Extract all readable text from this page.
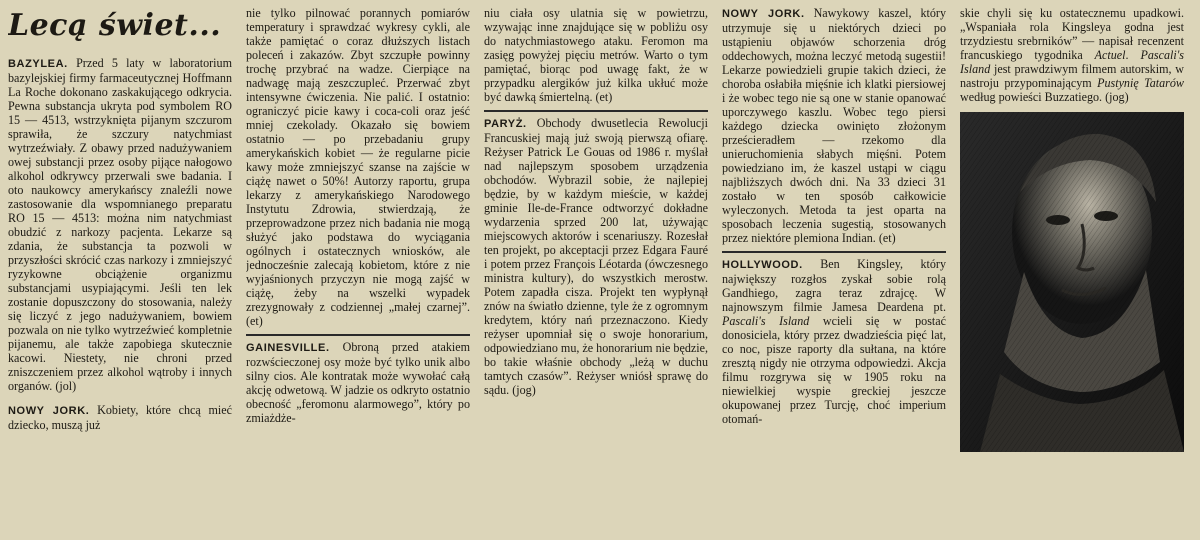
Lecą świet...

BAZYLEA. Przed 5 laty w laboratorium bazylejskiej firmy farmaceutycznej Hoffmann La Roche dokonano zaskakującego odkrycia. Pewna substancja ukryta pod symbolem RO 15 — 4513, wstrzyknięta pijanym szczurom sprawiła, że szczury natychmiast wytrzeźwiały. Z obawy przed nadużywaniem owej substancji przez osoby pijące nałogowo alkohol odkrywcy przerwali swe badania. I oto naukowcy amerykańscy znaleźli nowe zastosowanie dla wspomnianego preparatu RO 15 — 4513: można nim natychmiast obudzić z narkozy pacjenta. Lekarze są zdania, że substancja ta pozwoli w przyszłości skrócić czas narkozy i zmniejszyć ryzykowne obciążenie organizmu substancjami usypiającymi. Jeśli ten lek zostanie dopuszczony do stosowania, należy się liczyć z jego nadużywaniem, bowiem pozwala on nie tylko wytrzeźwieć kompletnie pijanemu, ale także zapobiega skutecznie kacowi. Niestety, nie chroni przed zniszczeniem przez alkohol wątroby i innych organów. (jol)

NOWY JORK. Kobiety, które chcą mieć dziecko, muszą już

nie tylko pilnować porannych pomiarów temperatury i sprawdzać wykresy cykli, ale także pamiętać o coraz dłuższych listach poleceń i zakazów. Zbyt szczupłe powinny trochę przybrać na wadze. Cierpiące na nadwagę mają zeszczupleć. Przerwać zbyt intensywne ćwiczenia. Nie palić. I ostatnio: ograniczyć picie kawy i coca-coli oraz jeść mniej czekolady. Okazało się bowiem ostatnio — po przebadaniu grupy amerykańskich kobiet — że regularne picie kawy może zmniejszyć szanse na zajście w ciążę nawet o 50%! Autorzy raportu, grupa lekarzy z amerykańskiego Narodowego Instytutu Zdrowia, stwierdzają, że przeprowadzone przez nich badania nie mogą służyć jako podstawa do wyciągania ogólnych i ostatecznych wniosków, ale jednocześnie zalecają kobietom, które z nie wyjaśnionych przyczyn nie mogą zajść w ciążę, żeby na wszelki wypadek zrezygnowały z codziennej „małej czarnej”. (et)

GAINESVILLE. Obroną przed atakiem rozwścieczonej osy może być tylko unik albo silny cios. Ale kontratak może wywołać całą akcję odwetową. W jadzie os odkryto ostatnio obecność „feromonu alarmowego”, który po zmiażdże-

niu ciała osy ulatnia się w powietrzu, wzywając inne znajdujące się w pobliżu osy do natychmiastowego ataku. Feromon ma zasięg powyżej pięciu metrów. Warto o tym pamiętać, biorąc pod uwagę fakt, że w przypadku alergików już kilka ukłuć może być dawką śmiertelną. (et)

PARYŻ. Obchody dwusetlecia Rewolucji Francuskiej mają już swoją pierwszą ofiarę. Reżyser Patrick Le Gouas od 1986 r. myślał nad najlepszym sposobem urządzenia obchodów. Wybrazil sobie, że najlepiej będzie, by w każdym mieście, w każdej gminie Ile-de-France odtworzyć dokładne wydarzenia sprzed 200 lat, używając miejscowych aktorów i scenariuszy. Rozesłał ten projekt, po akceptacji przez Edgara Fauré i potem przez François Léotarda (ówczesnego ministra kultury), do wszystkich merostw. Potem zapadła cisza. Projekt ten wypłynął znów na światło dzienne, tyle że z ogromnym kredytem, który nań przeznaczono. Kiedy reżyser upomniał się o swoje honorarium, odpowiedziano mu, że honorarium nie będzie, bo takie właśnie obchody „leżą w duchu tamtych czasów”. Reżyser wniósł sprawę do sądu. (jog)

NOWY JORK. Nawykowy kaszel, który utrzymuje się u niektórych dzieci po ustąpieniu objawów schorzenia dróg oddechowych, można leczyć metodą sugestii! Lekarze powiedzieli grupie takich dzieci, że choroba osłabiła mięśnie ich klatki piersiowej i że wobec tego nie są one w stanie opanować uporczywego kaszlu. Wobec tego piersi każdego dziecka owinięto złożonym prześcieradłem — rzekomo dla unieruchomienia słabych mięśni. Potem powiedziano im, że kaszel ustąpi w ciągu najbliższych dwóch dni. Na 33 dzieci 31 zostało w ten sposób całkowicie wyleczonych. Metoda ta jest oparta na sposobach leczenia sugestią, stosowanych przez niektóre plemiona Indian. (et)

HOLLYWOOD. Ben Kingsley, który największy rozgłos zyskał sobie rolą Gandhiego, zagra teraz zdrajcę. W najnowszym filmie Jamesa Deardena pt. Pascali's Island wcieli się w postać donosiciela, który przez dwadzieścia pięć lat, co noc, pisze raporty dla sułtana, na które zresztą nigdy nie otrzyma odpowiedzi. Akcja filmu rozgrywa się w 1905 roku na niewielkiej wyspie greckiej jeszcze okupowanej przez Turcję, choć imperium otomań-

skie chyli się ku ostatecznemu upadkowi. „Wspaniała rola Kingsleya godna jest trzydziestu srebrników” — napisał recenzent francuskiego tygodnika Actuel. Pascali's Island jest prawdziwym filmem autorskim, w nastroju przypominającym Pustynię Tatarów według powieści Buzzatiego. (jog)
